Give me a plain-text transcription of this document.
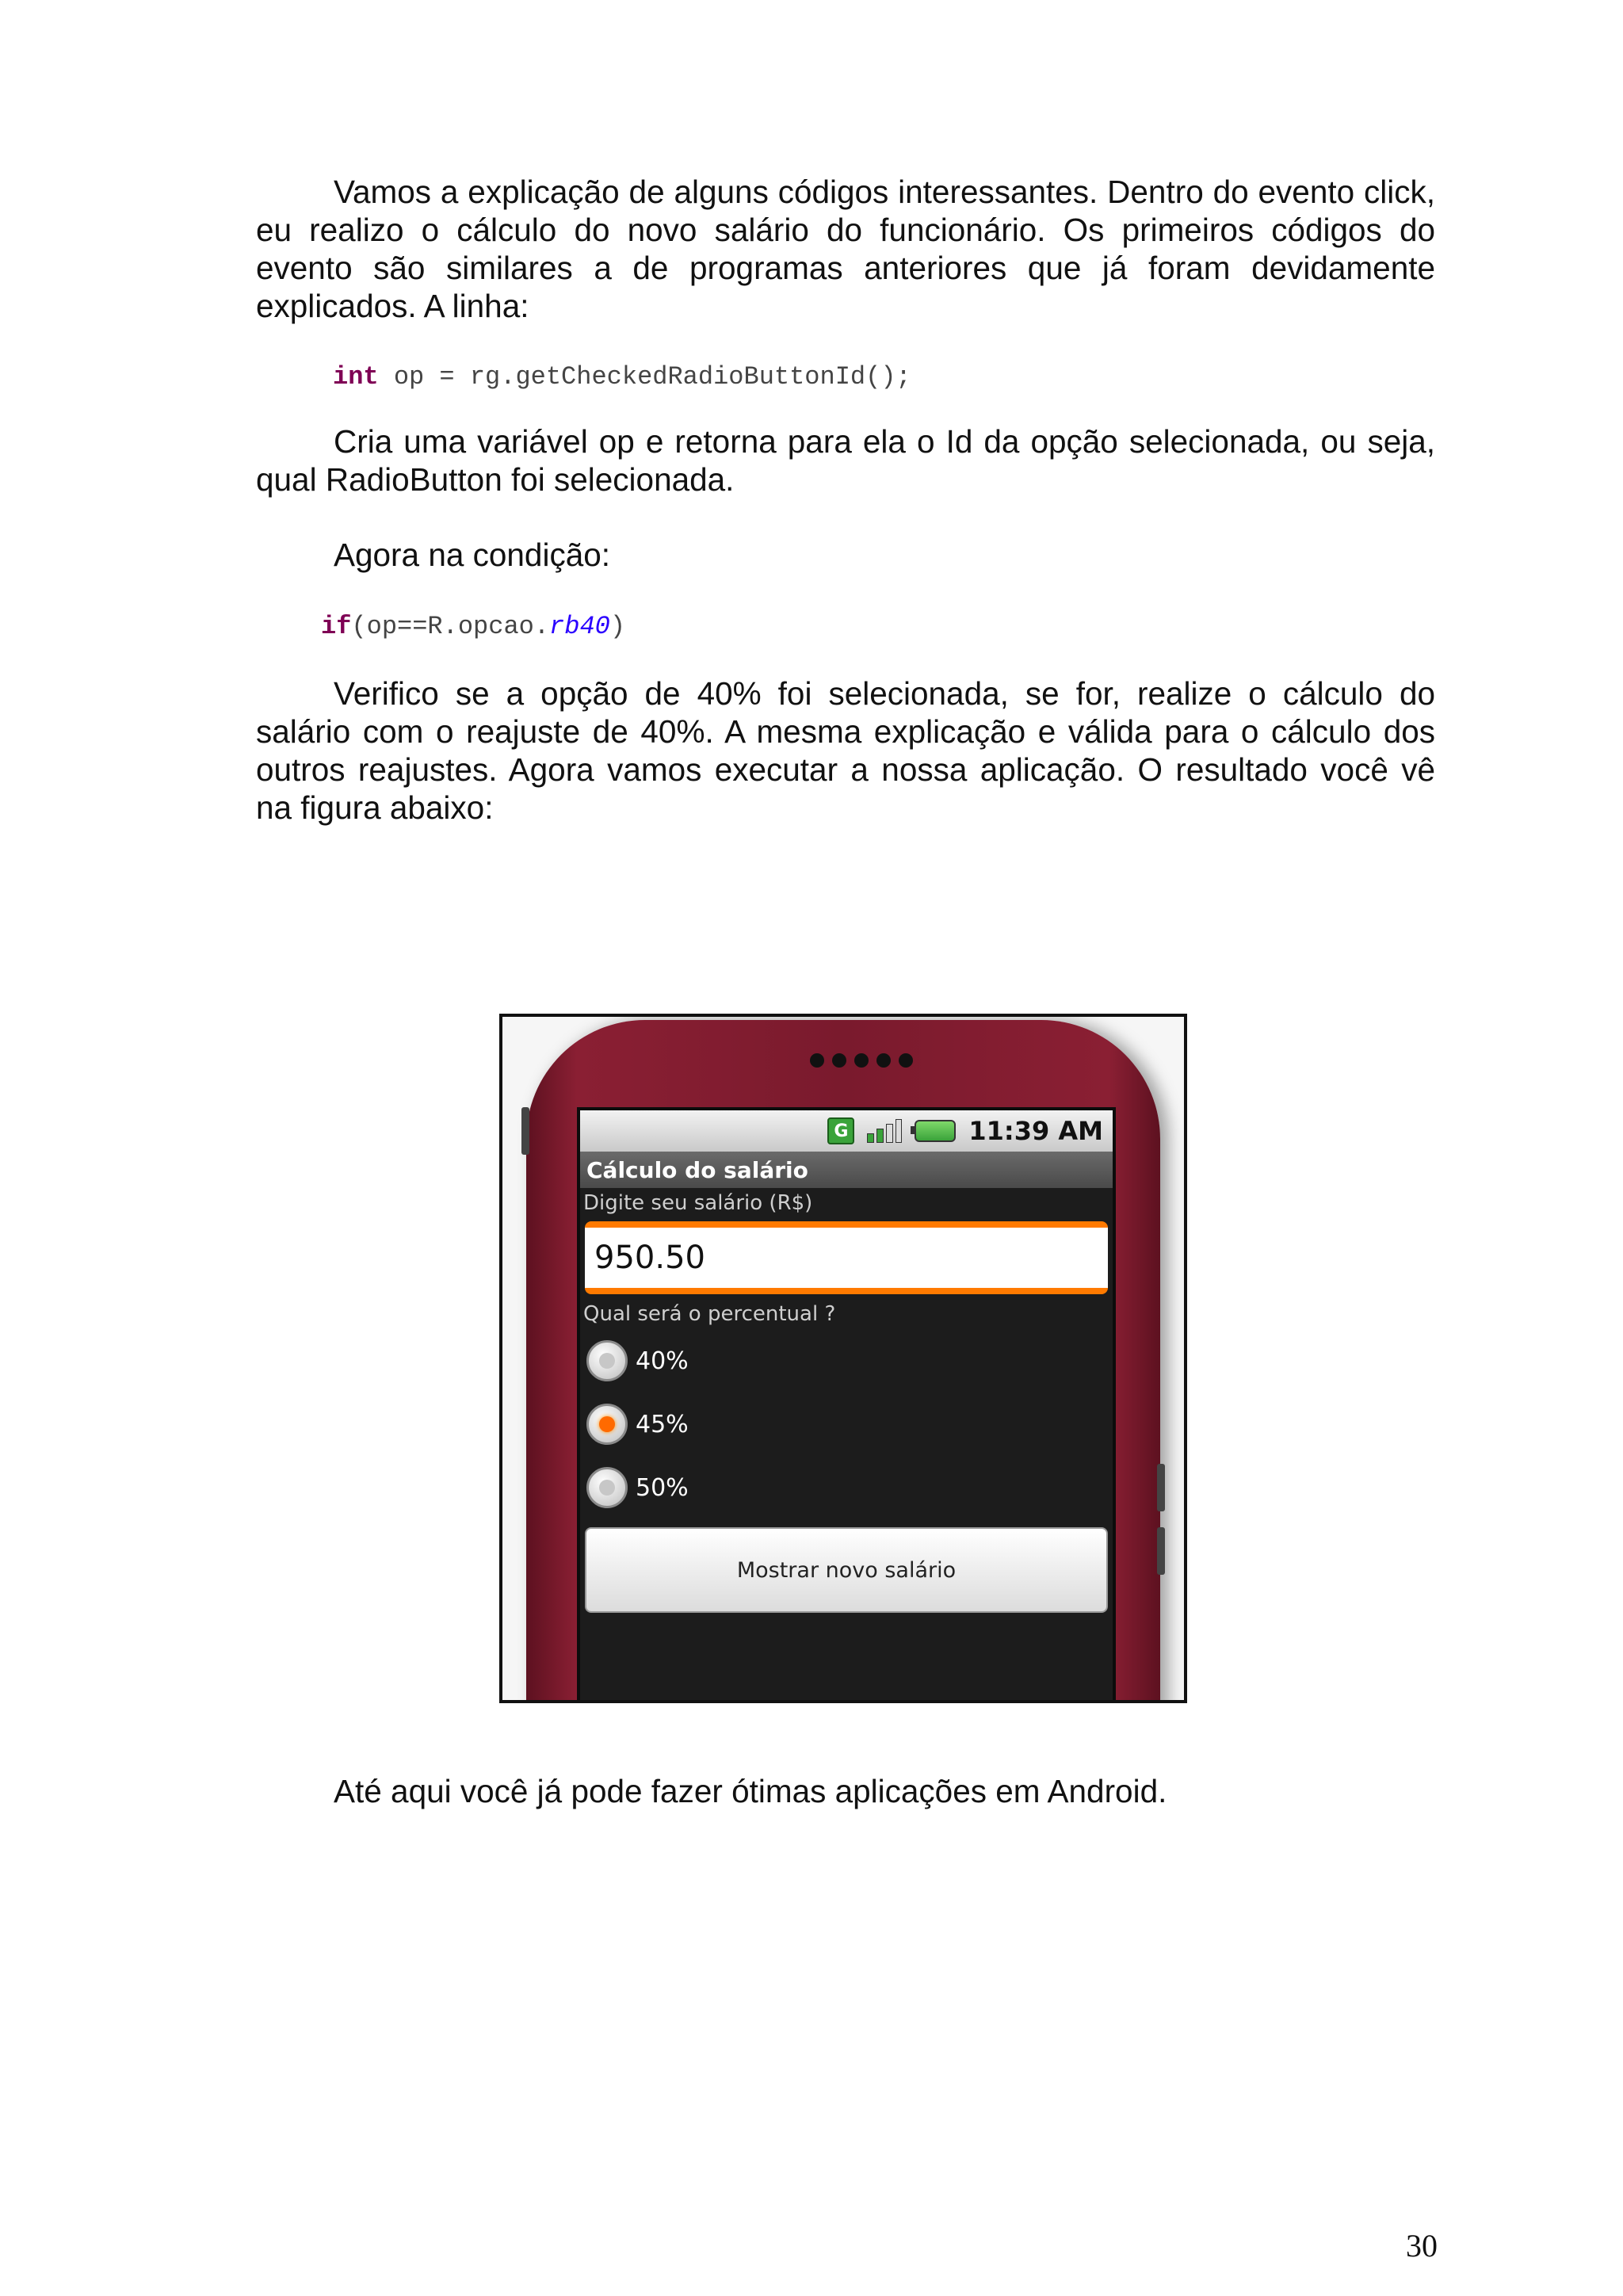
Vamos a explicação de alguns códigos interessantes. Dentro do evento click, eu realizo o cálculo do novo salário do funcionário. Os primeiros códigos do evento são similares a de programas anteriores que já foram devidamente explicados. A linha:

int op = rg.getCheckedRadioButtonId();

Cria uma variável op e retorna para ela o Id da opção selecionada, ou seja, qual RadioButton foi selecionada.

Agora na condição:

if(op==R.opcao.rb40)

Verifico se a opção de 40% foi selecionada, se for, realize o cálculo do salário com o reajuste de 40%. A mesma explicação e válida para o cálculo dos outros reajustes. Agora vamos executar a nossa aplicação. O resultado você vê na figura abaixo:

G	11:39 AM
Cálculo do salário
Digite seu salário (R$)
950.50
Qual será o percentual ?
40%
45%
50%
Mostrar novo salário

Até aqui você já pode fazer ótimas aplicações em Android.

30
